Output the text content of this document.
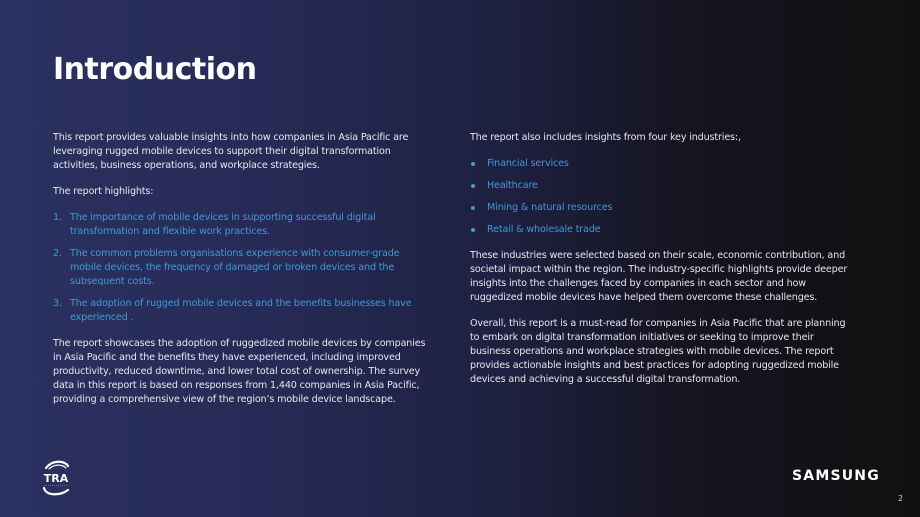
Introduction

This report provides valuable insights into how companies in Asia Pacific are leveraging rugged mobile devices to support their digital transformation activities, business operations, and workplace strategies.

The report highlights:

1. The importance of mobile devices in supporting successful digital transformation and flexible work practices.
2. The common problems organisations experience with consumer-grade mobile devices, the frequency of damaged or broken devices and the subsequent costs.
3. The adoption of rugged mobile devices and the benefits businesses have experienced .

The report showcases the adoption of ruggedized mobile devices by companies in Asia Pacific and the benefits they have experienced, including improved productivity, reduced downtime, and lower total cost of ownership. The survey data in this report is based on responses from 1,440 companies in Asia Pacific, providing a comprehensive view of the region’s mobile device landscape.

The report also includes insights from four key industries:,

Financial services
Healthcare
Mining & natural resources
Retail & wholesale trade

These industries were selected based on their scale, economic contribution, and societal impact within the region. The industry-specific highlights provide deeper insights into the challenges faced by companies in each sector and how ruggedized mobile devices have helped them overcome these challenges.

Overall, this report is a must-read for companies in Asia Pacific that are planning to embark on digital transformation initiatives or seeking to improve their business operations and workplace strategies with mobile devices. The report provides actionable insights and best practices for adopting ruggedized mobile devices and achieving a successful digital transformation.

TRA	SAMSUNG
2
